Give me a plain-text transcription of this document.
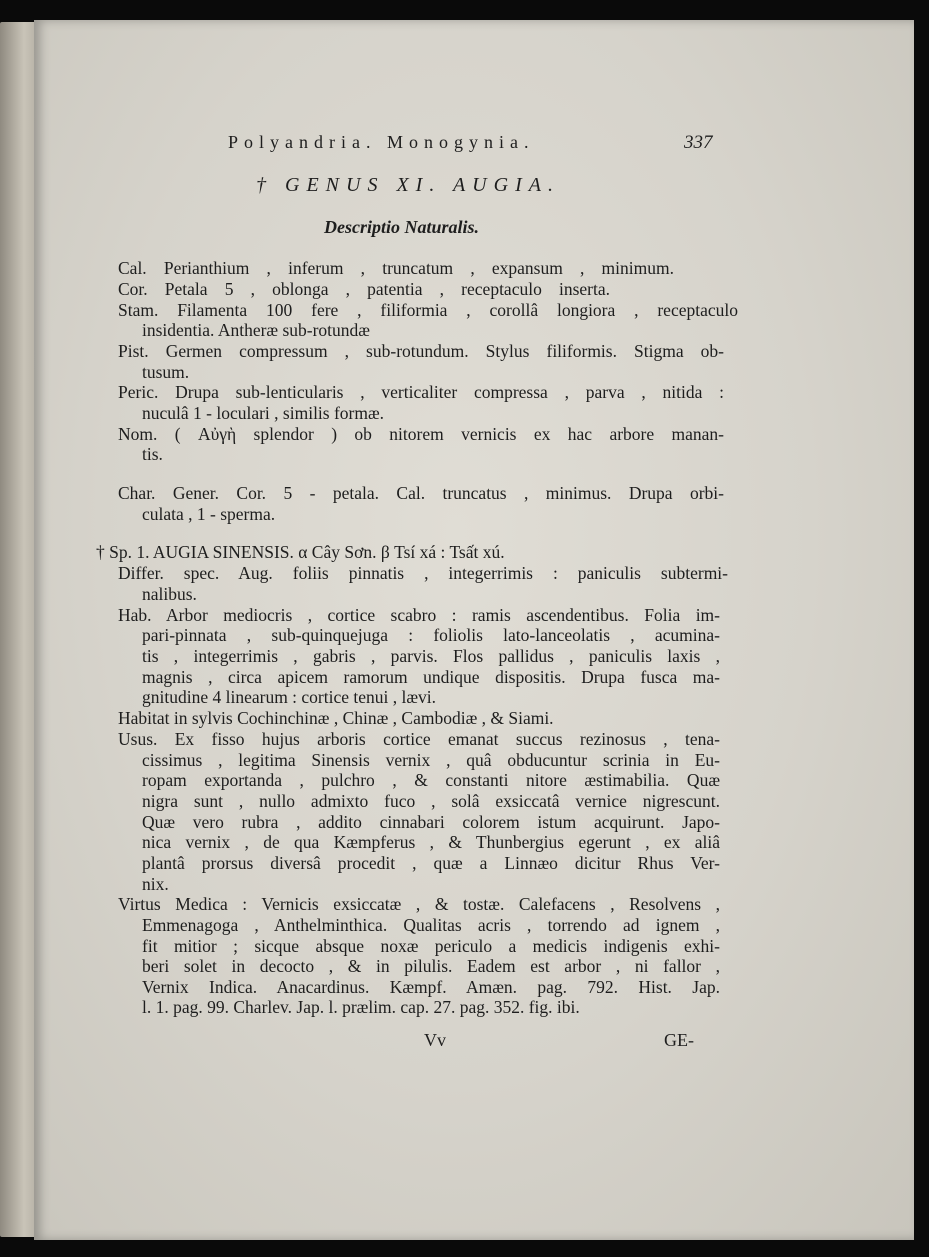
Polyandria. Monogynia.	337
† GENUS XI. AUGIA.
Descriptio Naturalis.
Cal. Perianthium , inferum , truncatum , expansum , minimum.
Cor. Petala 5 , oblonga , patentia , receptaculo inserta.
Stam. Filamenta 100 fere , filiformia , corollâ longiora , receptaculo
insidentia. Antheræ sub-rotundæ
Pist. Germen compressum , sub-rotundum. Stylus filiformis. Stigma ob-
tusum.
Peric. Drupa sub-lenticularis , verticaliter compressa , parva , nitida :
nuculâ 1 - loculari , similis formæ.
Nom. ( Αὐγὴ splendor ) ob nitorem vernicis ex hac arbore manan-
tis.
Char. Gener. Cor. 5 - petala. Cal. truncatus , minimus. Drupa orbi-
culata , 1 - sperma.
† Sp. 1. AUGIA SINENSIS. α Cây Sơn. β Tsí xá : Tsất xú.
Differ. spec. Aug. foliis pinnatis , integerrimis : paniculis subtermi-
nalibus.
Hab. Arbor mediocris , cortice scabro : ramis ascendentibus. Folia im-
pari-pinnata , sub-quinquejuga : foliolis lato-lanceolatis , acumina-
tis , integerrimis , gabris , parvis. Flos pallidus , paniculis laxis ,
magnis , circa apicem ramorum undique dispositis. Drupa fusca ma-
gnitudine 4 linearum : cortice tenui , lævi.
Habitat in sylvis Cochinchinæ , Chinæ , Cambodiæ , & Siami.
Usus. Ex fisso hujus arboris cortice emanat succus rezinosus , tena-
cissimus , legitima Sinensis vernix , quâ obducuntur scrinia in Eu-
ropam exportanda , pulchro , & constanti nitore æstimabilia. Quæ
nigra sunt , nullo admixto fuco , solâ exsiccatâ vernice nigrescunt.
Quæ vero rubra , addito cinnabari colorem istum acquirunt. Japo-
nica vernix , de qua Kæmpferus , & Thunbergius egerunt , ex aliâ
plantâ prorsus diversâ procedit , quæ a Linnæo dicitur Rhus Ver-
nix.
Virtus Medica : Vernicis exsiccatæ , & tostæ. Calefacens , Resolvens ,
Emmenagoga , Anthelminthica. Qualitas acris , torrendo ad ignem ,
fit mitior ; sicque absque noxæ periculo a medicis indigenis exhi-
beri solet in decocto , & in pilulis. Eadem est arbor , ni fallor ,
Vernix Indica. Anacardinus. Kæmpf. Amæn. pag. 792. Hist. Jap.
l. 1. pag. 99. Charlev. Jap. l. prælim. cap. 27. pag. 352. fig. ibi.
Vv	GE-
